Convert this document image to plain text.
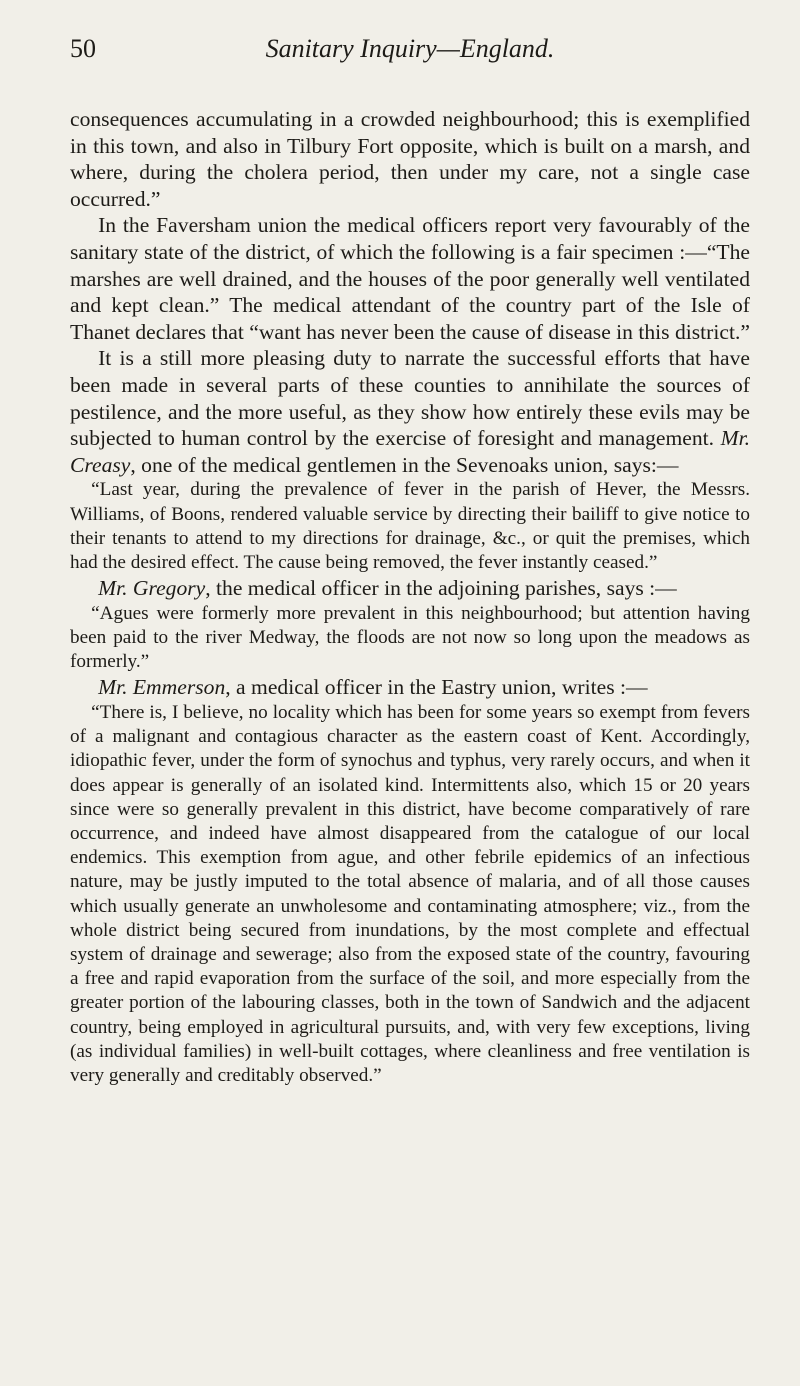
50	Sanitary Inquiry—England.

consequences accumulating in a crowded neighbourhood; this is exemplified in this town, and also in Tilbury Fort opposite, which is built on a marsh, and where, during the cholera period, then under my care, not a single case occurred.”

In the Faversham union the medical officers report very favourably of the sanitary state of the district, of which the following is a fair specimen :—“The marshes are well drained, and the houses of the poor generally well ventilated and kept clean.” The medical attendant of the country part of the Isle of Thanet declares that “want has never been the cause of disease in this district.”

It is a still more pleasing duty to narrate the successful efforts that have been made in several parts of these counties to annihilate the sources of pestilence, and the more useful, as they show how entirely these evils may be subjected to human control by the exercise of foresight and management. Mr. Creasy, one of the medical gentlemen in the Sevenoaks union, says:—

“Last year, during the prevalence of fever in the parish of Hever, the Messrs. Williams, of Boons, rendered valuable service by directing their bailiff to give notice to their tenants to attend to my directions for drainage, &c., or quit the premises, which had the desired effect. The cause being removed, the fever instantly ceased.”

Mr. Gregory, the medical officer in the adjoining parishes, says :—

“Agues were formerly more prevalent in this neighbourhood; but attention having been paid to the river Medway, the floods are not now so long upon the meadows as formerly.”

Mr. Emmerson, a medical officer in the Eastry union, writes :—

“There is, I believe, no locality which has been for some years so exempt from fevers of a malignant and contagious character as the eastern coast of Kent. Accordingly, idiopathic fever, under the form of synochus and typhus, very rarely occurs, and when it does appear is generally of an isolated kind. Intermittents also, which 15 or 20 years since were so generally prevalent in this district, have become comparatively of rare occurrence, and indeed have almost disappeared from the catalogue of our local endemics. This exemption from ague, and other febrile epidemics of an infectious nature, may be justly imputed to the total absence of malaria, and of all those causes which usually generate an unwholesome and contaminating atmosphere; viz., from the whole district being secured from inundations, by the most complete and effectual system of drainage and sewerage; also from the exposed state of the country, favouring a free and rapid evaporation from the surface of the soil, and more especially from the greater portion of the labouring classes, both in the town of Sandwich and the adjacent country, being employed in agricultural pursuits, and, with very few exceptions, living (as individual families) in well-built cottages, where cleanliness and free ventilation is very generally and creditably observed.”
